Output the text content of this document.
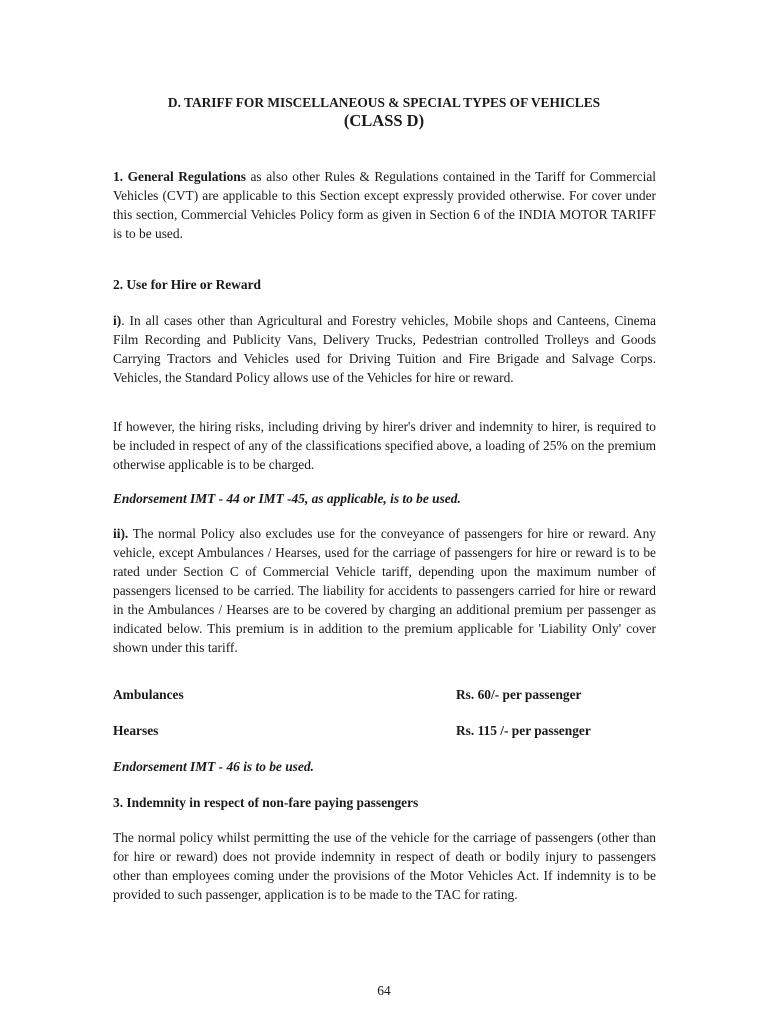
D. TARIFF FOR MISCELLANEOUS & SPECIAL TYPES OF VEHICLES
(CLASS D)
1. General Regulations as also other Rules & Regulations contained in the Tariff for Commercial Vehicles (CVT) are applicable to this Section except expressly provided otherwise. For cover under this section, Commercial Vehicles Policy form as given in Section 6 of the INDIA MOTOR TARIFF is to be used.
2. Use for Hire or Reward
i). In all cases other than Agricultural and Forestry vehicles, Mobile shops and Canteens, Cinema Film Recording and Publicity Vans, Delivery Trucks, Pedestrian controlled Trolleys and Goods Carrying Tractors and Vehicles used for Driving Tuition and Fire Brigade and Salvage Corps. Vehicles, the Standard Policy allows use of the Vehicles for hire or reward.
If however, the hiring risks, including driving by hirer's driver and indemnity to hirer, is required to be included in respect of any of the classifications specified above, a loading of 25% on the premium otherwise applicable is to be charged.
Endorsement IMT - 44 or IMT -45, as applicable, is to be used.
ii). The normal Policy also excludes use for the conveyance of passengers for hire or reward. Any vehicle, except Ambulances / Hearses, used for the carriage of passengers for hire or reward is to be rated under Section C of Commercial Vehicle tariff, depending upon the maximum number of passengers licensed to be carried. The liability for accidents to passengers carried for hire or reward in the Ambulances / Hearses are to be covered by charging an additional premium per passenger as indicated below. This premium is in addition to the premium applicable for 'Liability Only' cover shown under this tariff.
Ambulances	Rs. 60/- per passenger
Hearses	Rs. 115 /- per passenger
Endorsement IMT - 46 is to be used.
3. Indemnity in respect of non-fare paying passengers
The normal policy whilst permitting the use of the vehicle for the carriage of passengers (other than for hire or reward) does not provide indemnity in respect of death or bodily injury to passengers other than employees coming under the provisions of the Motor Vehicles Act. If indemnity is to be provided to such passenger, application is to be made to the TAC for rating.
64
